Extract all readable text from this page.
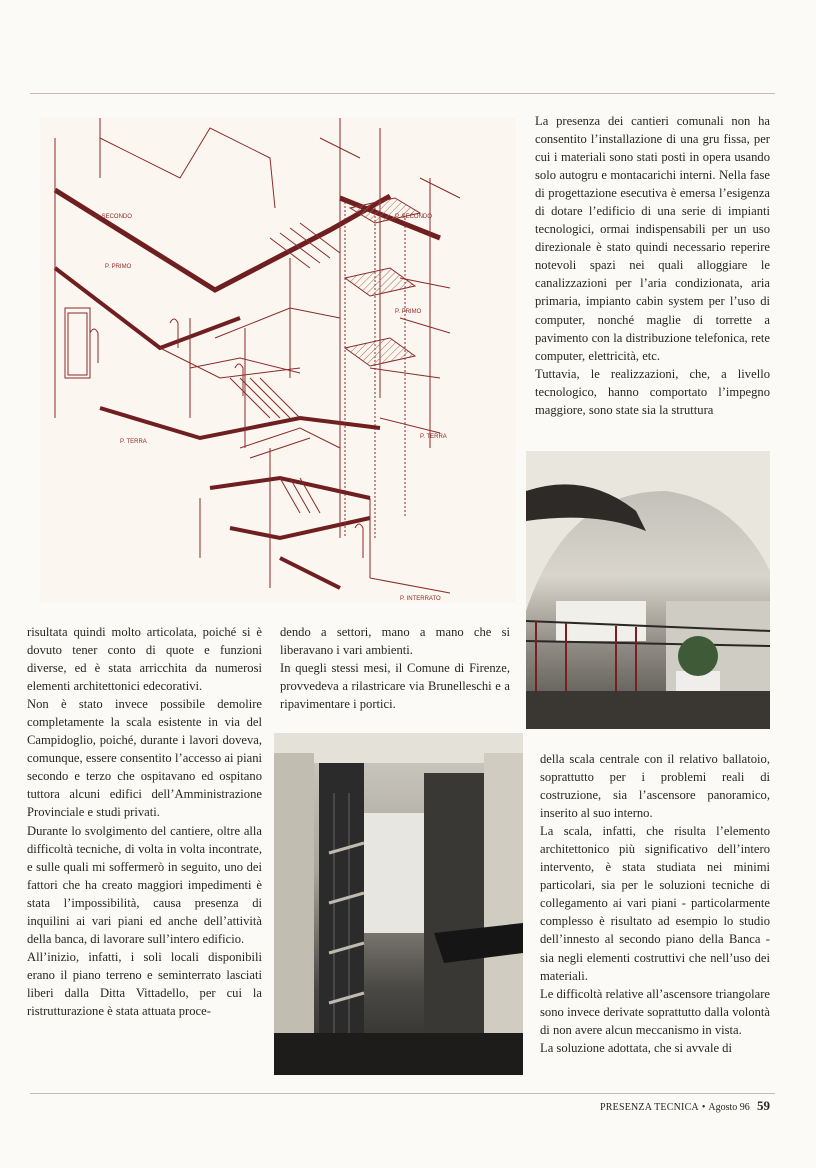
P. SECONDO
P. PRIMO
P. TERRA
P. INTERRATO
P. SECONDO
P. PRIMO
P. TERRA

La presenza dei cantieri comunali non ha consentito l’installazione di una gru fissa, per cui i materiali sono stati posti in opera usando solo autogru e montacarichi interni. Nella fase di progettazione esecutiva è emersa l’esigenza di dotare l’edificio di una serie di impianti tecnologici, ormai indispensabili per un uso direzionale è stato quindi necessario reperire notevoli spazi nei quali alloggiare le canalizzazioni per l’aria condizionata, aria primaria, impianto cabin system per l’uso di computer, nonché maglie di torrette a pavimento con la distribuzione telefonica, rete computer, elettricità, etc.

Tuttavia, le realizzazioni, che, a livello tecnologico, hanno comportato l’impegno maggiore, sono state sia la struttura

risultata quindi molto articolata, poiché si è dovuto tener conto di quote e funzioni diverse, ed è stata arricchita da numerosi elementi architettonici edecorativi.

Non è stato invece possibile demolire completamente la scala esistente in via del Campidoglio, poiché, durante i lavori doveva, comunque, essere consentito l’accesso ai piani secondo e terzo che ospitavano ed ospitano tuttora alcuni edifici dell’Amministrazione Provinciale e studi privati.

Durante lo svolgimento del cantiere, oltre alla difficoltà tecniche, di volta in volta incontrate, e sulle quali mi soffermerò in seguito, uno dei fattori che ha creato maggiori impedimenti è stata l’impossibilità, causa presenza di inquilini ai vari piani ed anche dell’attività della banca, di lavorare sull’intero edificio.

All’inizio, infatti, i soli locali disponibili erano il piano terreno e seminterrato lasciati liberi dalla Ditta Vittadello, per cui la ristrutturazione è stata attuata proce-

dendo a settori, mano a mano che si liberavano i vari ambienti.

In quegli stessi mesi, il Comune di Firenze, provvedeva a rilastricare via Brunelleschi e a ripavimentare i portici.

della scala centrale con il relativo ballatoio, soprattutto per i problemi reali di costruzione, sia l’ascensore panoramico, inserito al suo interno.

La scala, infatti, che risulta l’elemento architettonico più significativo dell’intero intervento, è stata studiata nei minimi particolari, sia per le soluzioni tecniche di collegamento ai vari piani - particolarmente complesso è risultato ad esempio lo studio dell’innesto al secondo piano della Banca - sia negli elementi costruttivi che nell’uso dei materiali.

Le difficoltà relative all’ascensore triangolare sono invece derivate soprattutto dalla volontà di non avere alcun meccanismo in vista.

La soluzione adottata, che si avvale di

PRESENZA TECNICA • Agosto 96 59
